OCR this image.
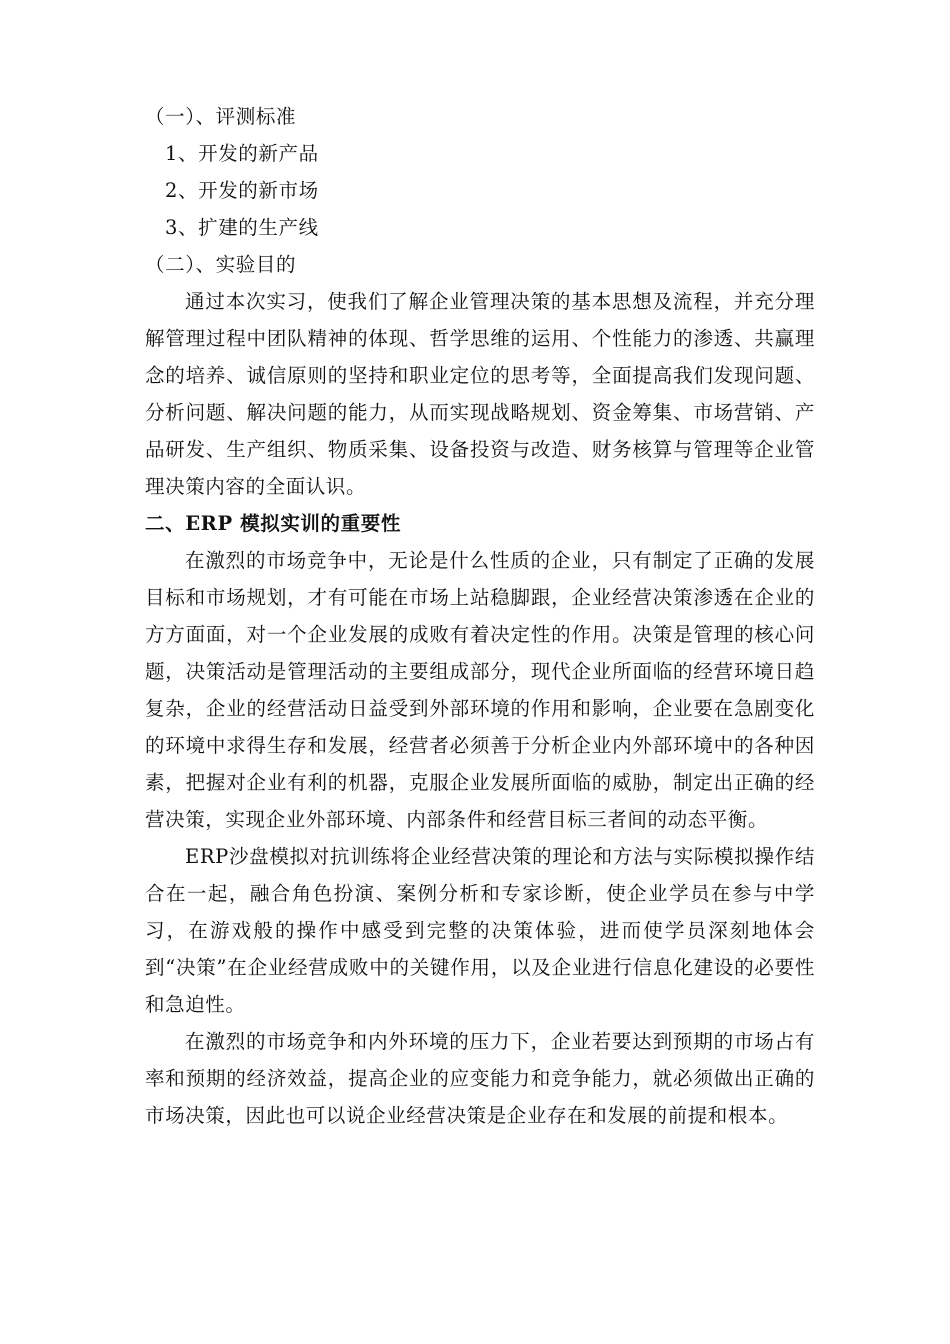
（一）、评测标准

1、开发的新产品

2、开发的新市场

3、扩建的生产线

（二）、实验目的

通过本次实习，使我们了解企业管理决策的基本思想及流程，并充分理解管理过程中团队精神的体现、哲学思维的运用、个性能力的渗透、共赢理念的培养、诚信原则的坚持和职业定位的思考等，全面提高我们发现问题、分析问题、解决问题的能力，从而实现战略规划、资金筹集、市场营销、产品研发、生产组织、物质采集、设备投资与改造、财务核算与管理等企业管理决策内容的全面认识。

二、ERP 模拟实训的重要性

在激烈的市场竞争中，无论是什么性质的企业，只有制定了正确的发展目标和市场规划，才有可能在市场上站稳脚跟，企业经营决策渗透在企业的方方面面，对一个企业发展的成败有着决定性的作用。决策是管理的核心问题，决策活动是管理活动的主要组成部分，现代企业所面临的经营环境日趋复杂，企业的经营活动日益受到外部环境的作用和影响，企业要在急剧变化的环境中求得生存和发展，经营者必须善于分析企业内外部环境中的各种因素，把握对企业有利的机器，克服企业发展所面临的威胁，制定出正确的经营决策，实现企业外部环境、内部条件和经营目标三者间的动态平衡。

ERP沙盘模拟对抗训练将企业经营决策的理论和方法与实际模拟操作结合在一起，融合角色扮演、案例分析和专家诊断，使企业学员在参与中学习，在游戏般的操作中感受到完整的决策体验，进而使学员深刻地体会到“决策”在企业经营成败中的关键作用，以及企业进行信息化建设的必要性和急迫性。

在激烈的市场竞争和内外环境的压力下，企业若要达到预期的市场占有率和预期的经济效益，提高企业的应变能力和竞争能力，就必须做出正确的市场决策，因此也可以说企业经营决策是企业存在和发展的前提和根本。
